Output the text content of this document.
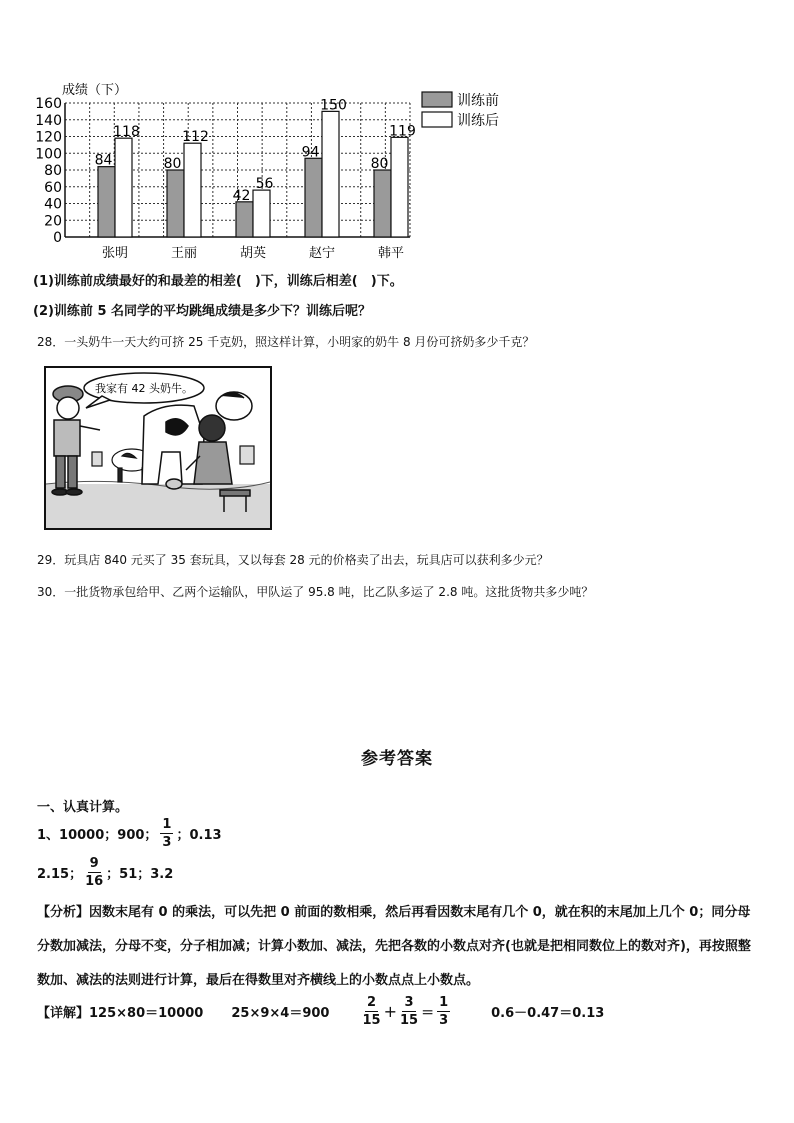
成绩（下）
0
20
40
60
80
100
120
140
160
84
118
80
112
42
56
94
150
80
119
张明	王丽	胡英	赵宁	韩平
训练前
训练后
(1)训练前成绩最好的和最差的相差(　)下，训练后相差(　)下。
(2)训练前 5 名同学的平均跳绳成绩是多少下？训练后呢？
28．一头奶牛一天大约可挤 25 千克奶，照这样计算，小明家的奶牛 8 月份可挤奶多少千克？
我家有 42 头奶牛。
29．玩具店 840 元买了 35 套玩具，又以每套 28 元的价格卖了出去，玩具店可以获利多少元？
30．一批货物承包给甲、乙两个运输队，甲队运了 95.8 吨，比乙队多运了 2.8 吨。这批货物共多少吨？
参考答案
一、认真计算。
1、10000；900； $\frac{1}{3}$ ；0.13
2.15； $\frac{9}{16}$ ；51；3.2
【分析】因数末尾有 0 的乘法，可以先把 0 前面的数相乘，然后再看因数末尾有几个 0，就在积的末尾加上几个 0；同分母分数加减法，分母不变，分子相加减；计算小数加、减法，先把各数的小数点对齐(也就是把相同数位上的数对齐)，再按照整数加、减法的法则进行计算，最后在得数里对齐横线上的小数点点上小数点。
【详解】125×80＝10000 25×9×4＝900	$\frac{2}{15} + \frac{3}{15} = \frac{1}{3}$	0.6－0.47＝0.13
